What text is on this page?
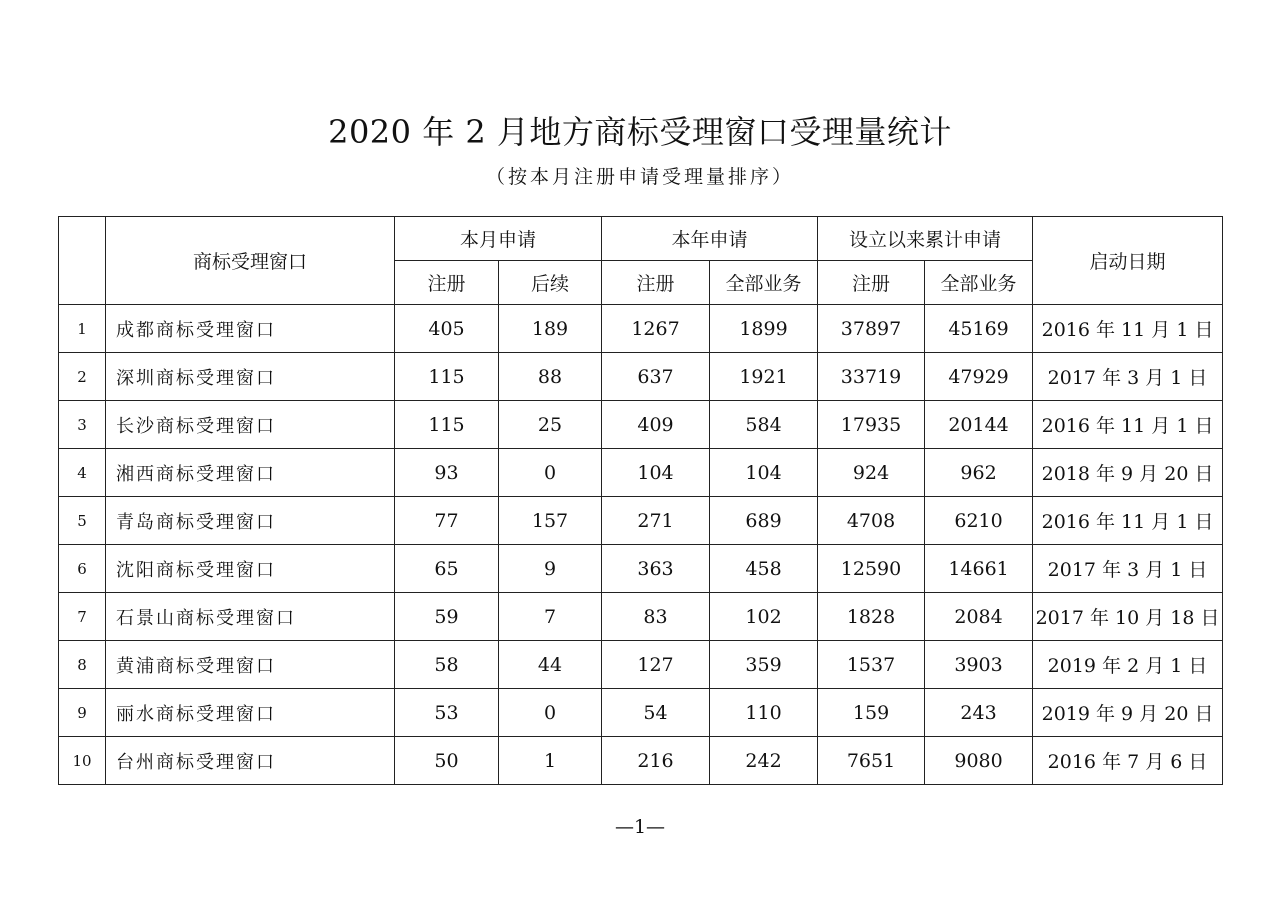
2020 年 2 月地方商标受理窗口受理量统计
（按本月注册申请受理量排序）
	商标受理窗口	本月申请		本年申请		设立以来累计申请		启动日期
		注册	后续	注册	全部业务	注册	全部业务	
1	成都商标受理窗口	405	189	1267	1899	37897	45169	2016 年 11 月 1 日
2	深圳商标受理窗口	115	88	637	1921	33719	47929	2017 年 3 月 1 日
3	长沙商标受理窗口	115	25	409	584	17935	20144	2016 年 11 月 1 日
4	湘西商标受理窗口	93	0	104	104	924	962	2018 年 9 月 20 日
5	青岛商标受理窗口	77	157	271	689	4708	6210	2016 年 11 月 1 日
6	沈阳商标受理窗口	65	9	363	458	12590	14661	2017 年 3 月 1 日
7	石景山商标受理窗口	59	7	83	102	1828	2084	2017 年 10 月 18 日
8	黄浦商标受理窗口	58	44	127	359	1537	3903	2019 年 2 月 1 日
9	丽水商标受理窗口	53	0	54	110	159	243	2019 年 9 月 20 日
10	台州商标受理窗口	50	1	216	242	7651	9080	2016 年 7 月 6 日
—1—
